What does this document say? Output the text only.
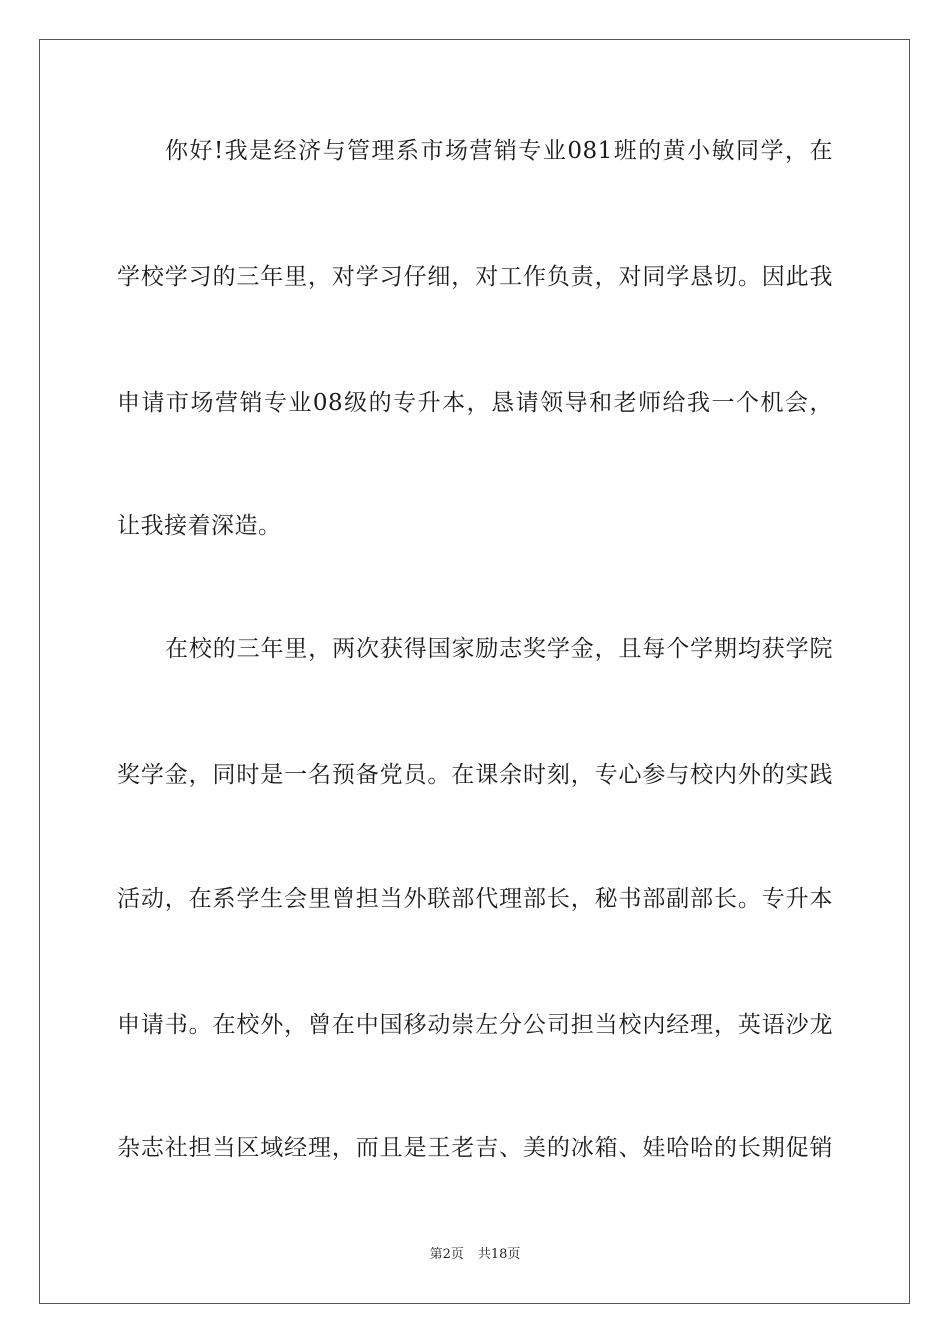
你好!我是经济与管理系市场营销专业081班的黄小敏同学，在
学校学习的三年里，对学习仔细，对工作负责，对同学恳切。因此我
申请市场营销专业08级的专升本，恳请领导和老师给我一个机会，
让我接着深造。
在校的三年里，两次获得国家励志奖学金，且每个学期均获学院
奖学金，同时是一名预备党员。在课余时刻，专心参与校内外的实践
活动，在系学生会里曾担当外联部代理部长，秘书部副部长。专升本
申请书。在校外，曾在中国移动崇左分公司担当校内经理，英语沙龙
杂志社担当区域经理，而且是王老吉、美的冰箱、娃哈哈的长期促销
第2页 共18页
